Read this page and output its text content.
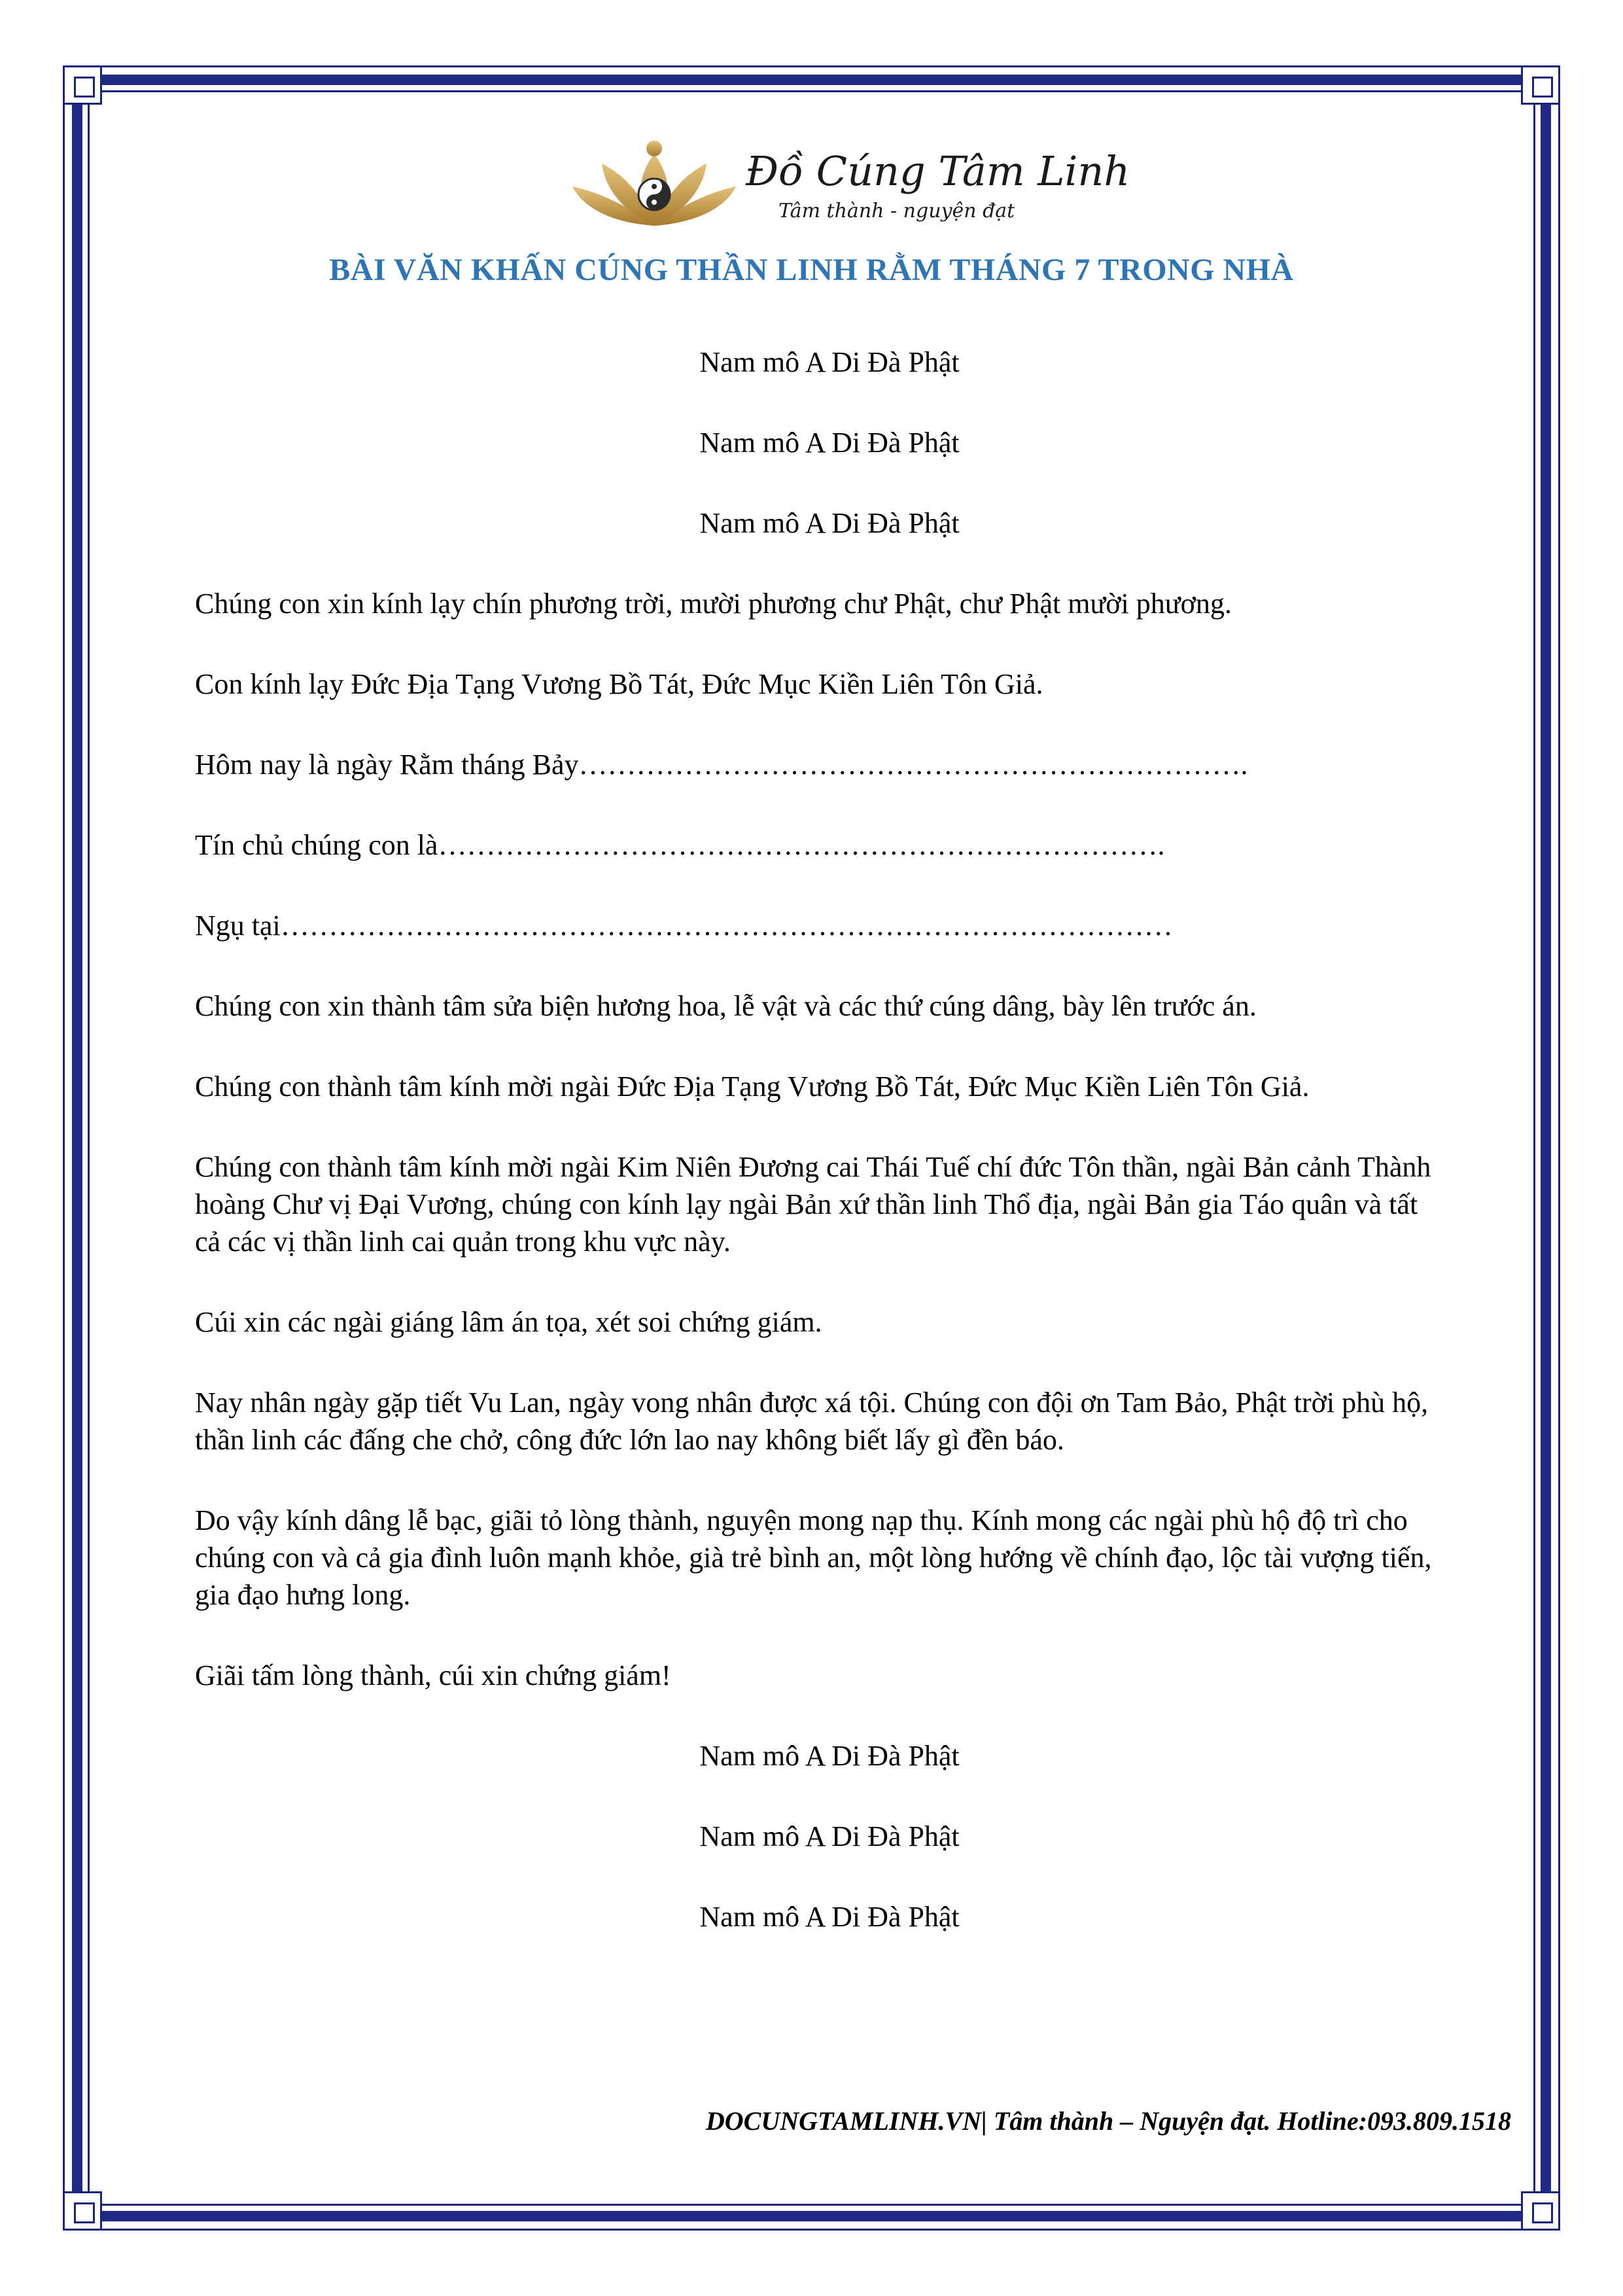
Đồ Cúng Tâm Linh
Tâm thành - nguyện đạt
BÀI VĂN KHẤN CÚNG THẦN LINH RẰM THÁNG 7 TRONG NHÀ

Nam mô A Di Đà Phật

Nam mô A Di Đà Phật

Nam mô A Di Đà Phật

Chúng con xin kính lạy chín phương trời, mười phương chư Phật, chư Phật mười phương.

Con kính lạy Đức Địa Tạng Vương Bồ Tát, Đức Mục Kiền Liên Tôn Giả.

Hôm nay là ngày Rằm tháng Bảy…………………………………………………………….

Tín chủ chúng con là………………………………………………………………….

Ngụ tại…………………………………………………………………………………

Chúng con xin thành tâm sửa biện hương hoa, lễ vật và các thứ cúng dâng, bày lên trước án.

Chúng con thành tâm kính mời ngài Đức Địa Tạng Vương Bồ Tát, Đức Mục Kiền Liên Tôn Giả.

Chúng con thành tâm kính mời ngài Kim Niên Đương cai Thái Tuế chí đức Tôn thần, ngài Bản cảnh Thành hoàng Chư vị Đại Vương, chúng con kính lạy ngài Bản xứ thần linh Thổ địa, ngài Bản gia Táo quân và tất cả các vị thần linh cai quản trong khu vực này.

Cúi xin các ngài giáng lâm án tọa, xét soi chứng giám.

Nay nhân ngày gặp tiết Vu Lan, ngày vong nhân được xá tội. Chúng con đội ơn Tam Bảo, Phật trời phù hộ, thần linh các đấng che chở, công đức lớn lao nay không biết lấy gì đền báo.

Do vậy kính dâng lễ bạc, giãi tỏ lòng thành, nguyện mong nạp thụ. Kính mong các ngài phù hộ độ trì cho chúng con và cả gia đình luôn mạnh khỏe, già trẻ bình an, một lòng hướng về chính đạo, lộc tài vượng tiến, gia đạo hưng long.

Giãi tấm lòng thành, cúi xin chứng giám!

Nam mô A Di Đà Phật

Nam mô A Di Đà Phật

Nam mô A Di Đà Phật

DOCUNGTAMLINH.VN| Tâm thành – Nguyện đạt. Hotline:093.809.1518
